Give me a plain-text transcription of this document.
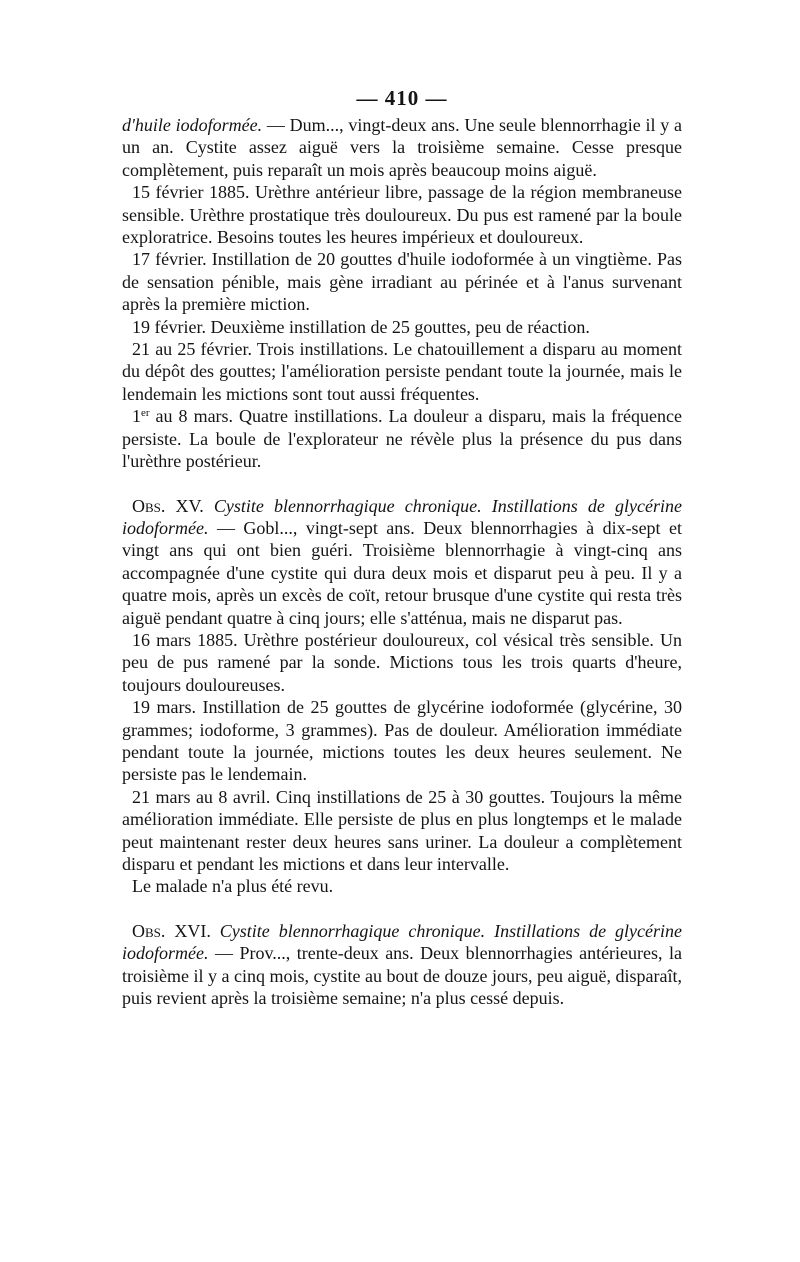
— 410 —

d'huile iodoformée. — Dum..., vingt-deux ans. Une seule blennorrhagie il y a un an. Cystite assez aiguë vers la troisième semaine. Cesse presque complètement, puis reparaît un mois après beaucoup moins aiguë.

15 février 1885. Urèthre antérieur libre, passage de la région membraneuse sensible. Urèthre prostatique très douloureux. Du pus est ramené par la boule exploratrice. Besoins toutes les heures impérieux et douloureux.

17 février. Instillation de 20 gouttes d'huile iodoformée à un vingtième. Pas de sensation pénible, mais gène irradiant au périnée et à l'anus survenant après la première miction.

19 février. Deuxième instillation de 25 gouttes, peu de réaction.

21 au 25 février. Trois instillations. Le chatouillement a disparu au moment du dépôt des gouttes; l'amélioration persiste pendant toute la journée, mais le lendemain les mictions sont tout aussi fréquentes.

1er au 8 mars. Quatre instillations. La douleur a disparu, mais la fréquence persiste. La boule de l'explorateur ne révèle plus la présence du pus dans l'urèthre postérieur.

Obs. XV. Cystite blennorrhagique chronique. Instillations de glycérine iodoformée. — Gobl..., vingt-sept ans. Deux blennorrhagies à dix-sept et vingt ans qui ont bien guéri. Troisième blennorrhagie à vingt-cinq ans accompagnée d'une cystite qui dura deux mois et disparut peu à peu. Il y a quatre mois, après un excès de coït, retour brusque d'une cystite qui resta très aiguë pendant quatre à cinq jours; elle s'atténua, mais ne disparut pas.

16 mars 1885. Urèthre postérieur douloureux, col vésical très sensible. Un peu de pus ramené par la sonde. Mictions tous les trois quarts d'heure, toujours douloureuses.

19 mars. Instillation de 25 gouttes de glycérine iodoformée (glycérine, 30 grammes; iodoforme, 3 grammes). Pas de douleur. Amélioration immédiate pendant toute la journée, mictions toutes les deux heures seulement. Ne persiste pas le lendemain.

21 mars au 8 avril. Cinq instillations de 25 à 30 gouttes. Toujours la même amélioration immédiate. Elle persiste de plus en plus longtemps et le malade peut maintenant rester deux heures sans uriner. La douleur a complètement disparu et pendant les mictions et dans leur intervalle.

Le malade n'a plus été revu.

Obs. XVI. Cystite blennorrhagique chronique. Instillations de glycérine iodoformée. — Prov..., trente-deux ans. Deux blennorrhagies antérieures, la troisième il y a cinq mois, cystite au bout de douze jours, peu aiguë, disparaît, puis revient après la troisième semaine; n'a plus cessé depuis.
